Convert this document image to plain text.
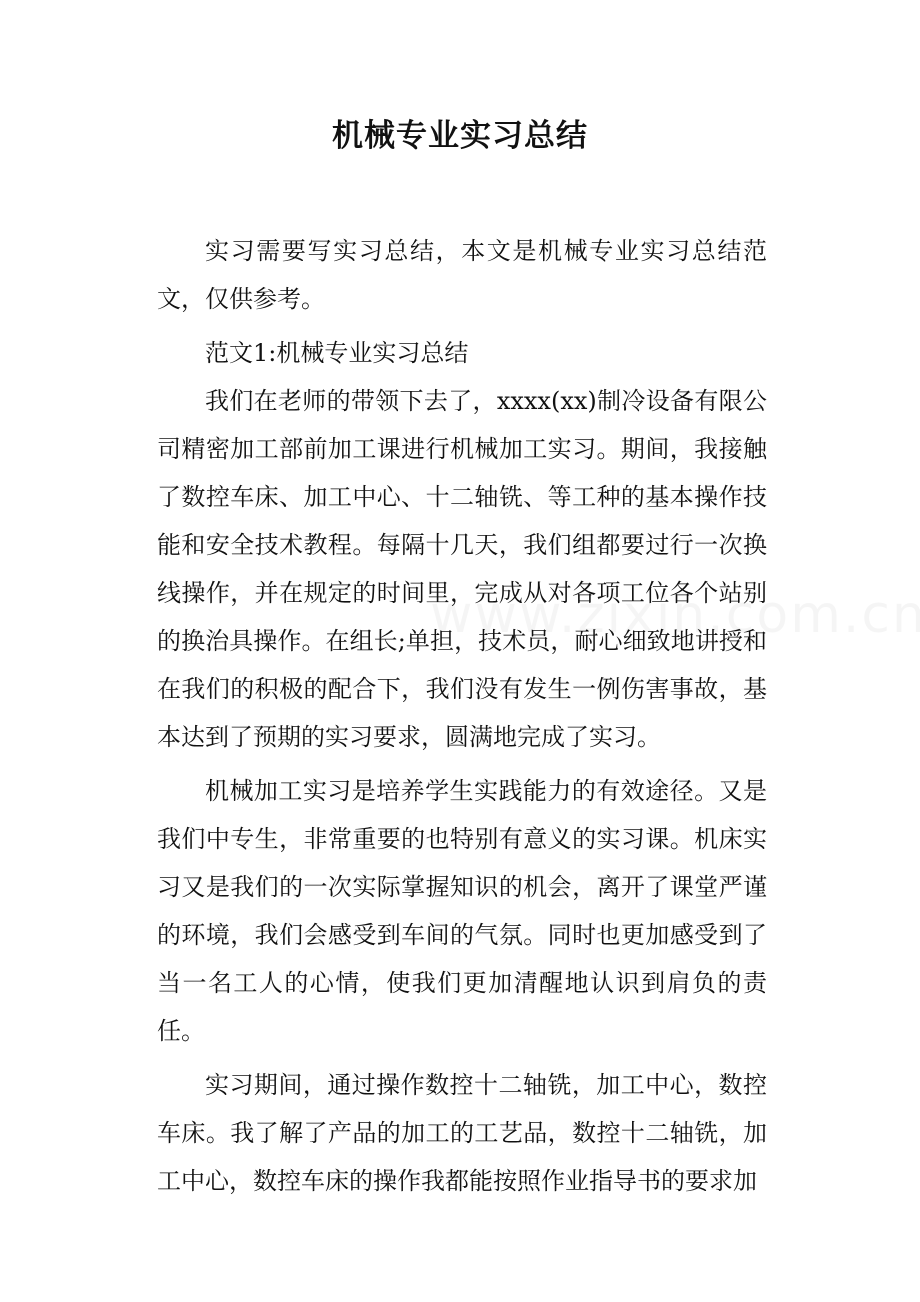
机械专业实习总结

实习需要写实习总结，本文是机械专业实习总结范文，仅供参考。

范文1:机械专业实习总结

我们在老师的带领下去了，xxxx(xx)制冷设备有限公司精密加工部前加工课进行机械加工实习。期间，我接触了数控车床、加工中心、十二轴铣、等工种的基本操作技能和安全技术教程。每隔十几天，我们组都要过行一次换线操作，并在规定的时间里，完成从对各项工位各个站别的换治具操作。在组长;单担，技术员，耐心细致地讲授和在我们的积极的配合下，我们没有发生一例伤害事故，基本达到了预期的实习要求，圆满地完成了实习。

机械加工实习是培养学生实践能力的有效途径。又是我们中专生，非常重要的也特别有意义的实习课。机床实习又是我们的一次实际掌握知识的机会，离开了课堂严谨的环境，我们会感受到车间的气氛。同时也更加感受到了当一名工人的心情，使我们更加清醒地认识到肩负的责任。

实习期间，通过操作数控十二轴铣，加工中心，数控车床。我了解了产品的加工的工艺品，数控十二轴铣，加工中心，数控车床的操作我都能按照作业指导书的要求加
